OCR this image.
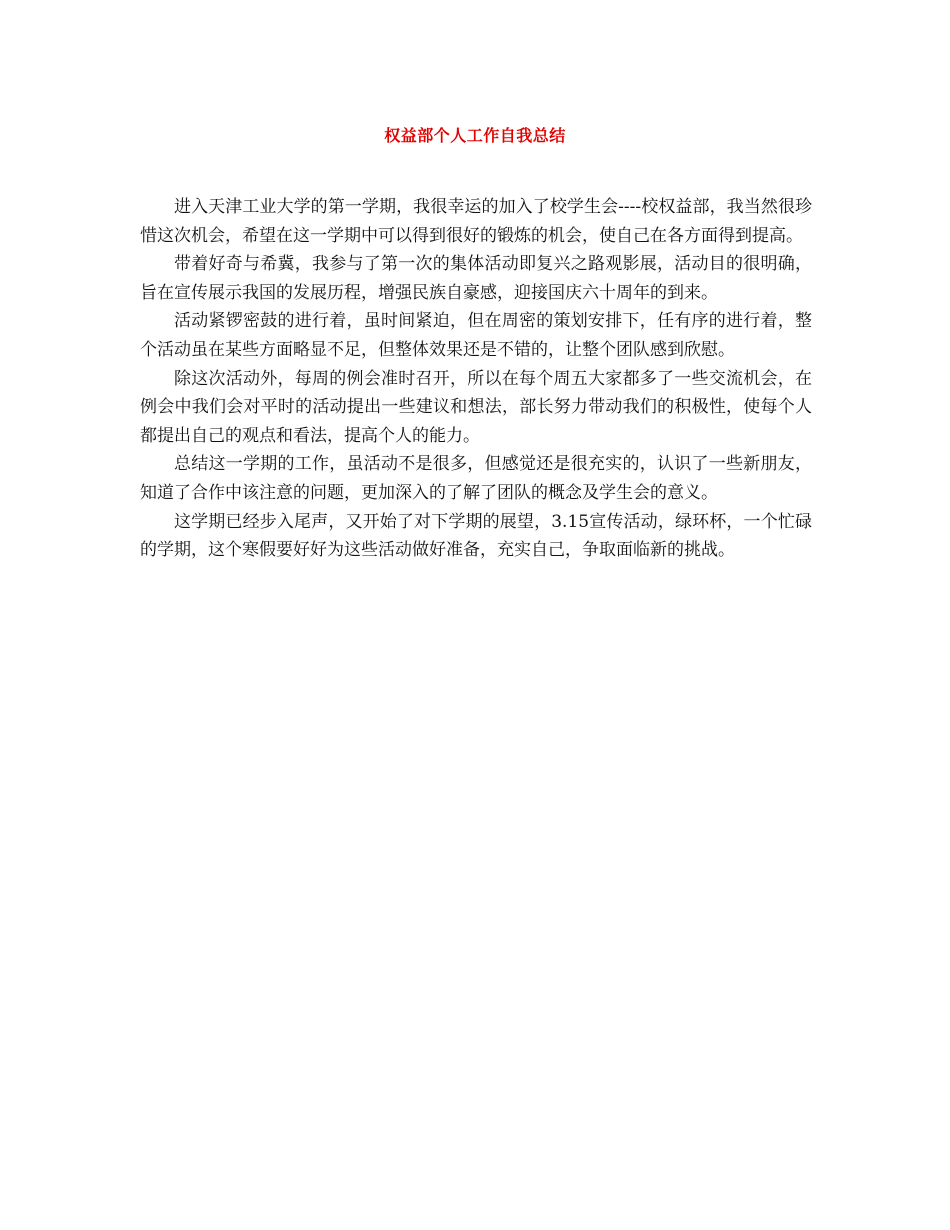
权益部个人工作自我总结

进入天津工业大学的第一学期，我很幸运的加入了校学生会----校权益部，我当然很珍惜这次机会，希望在这一学期中可以得到很好的锻炼的机会，使自己在各方面得到提高。

带着好奇与希冀，我参与了第一次的集体活动即复兴之路观影展，活动目的很明确，旨在宣传展示我国的发展历程，增强民族自豪感，迎接国庆六十周年的到来。

活动紧锣密鼓的进行着，虽时间紧迫，但在周密的策划安排下，任有序的进行着，整个活动虽在某些方面略显不足，但整体效果还是不错的，让整个团队感到欣慰。

除这次活动外，每周的例会准时召开，所以在每个周五大家都多了一些交流机会，在例会中我们会对平时的活动提出一些建议和想法，部长努力带动我们的积极性，使每个人都提出自己的观点和看法，提高个人的能力。

总结这一学期的工作，虽活动不是很多，但感觉还是很充实的，认识了一些新朋友，知道了合作中该注意的问题，更加深入的了解了团队的概念及学生会的意义。

这学期已经步入尾声，又开始了对下学期的展望，3.15宣传活动，绿环杯，一个忙碌的学期，这个寒假要好好为这些活动做好准备，充实自己，争取面临新的挑战。
